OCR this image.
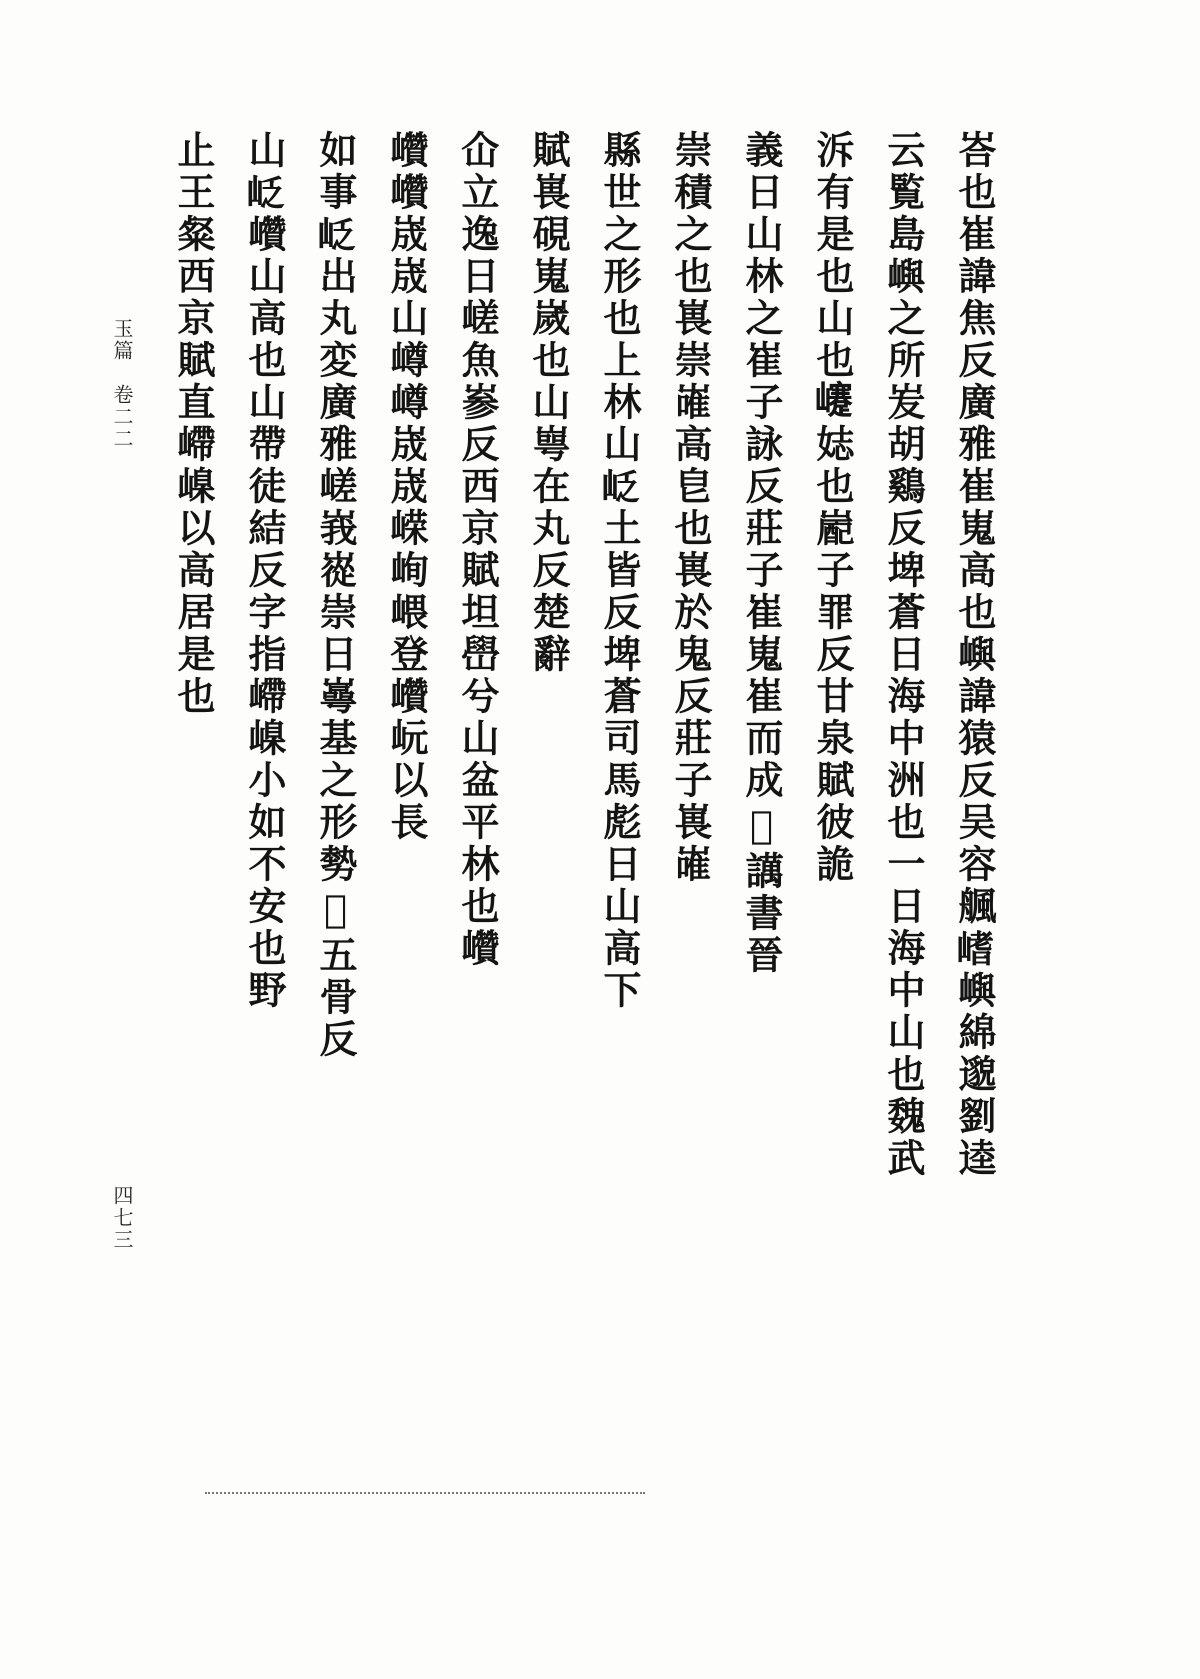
玉篇　卷二二
四七三
峇也崔諱焦反廣雅崔嵬高也嶼諱猿反吴容䑺𡺸嶼綿邈劉逵
云覧島嶼之所𡵢胡鷄反埤蒼日海中洲也一日海中山也魏武
泝有是也山也𡾰娡也嶏子罪反甘泉賦彼詭
義日山林之崔子詠反莊子崔嵬崔而成𧢟䜕書晉
崇積之也嵔崇嶉高皀也嵔於鬼反莊子嵔嶉
縣世之形也上林山𡶉土皆反埤蒼司馬彪日山高下
賦嵔硯嵬嵗也山㟧在丸反楚辭
仚立逸日嵯魚㟥反西京賦坦嶨兮山盆平林也巑
巑巑𡷫𡷫山嶟嶟𡷫𡷫嵘峋㟪登巑岏以長
如事𡶉出丸変廣雅嵯峩嵸崇日㠋基之形勢𡶖五骨反
山𡶉巑山高也山帶徒結反字指嵽嵲小如不安也野
止王粲西京賦直嵽嵲以高居是也
